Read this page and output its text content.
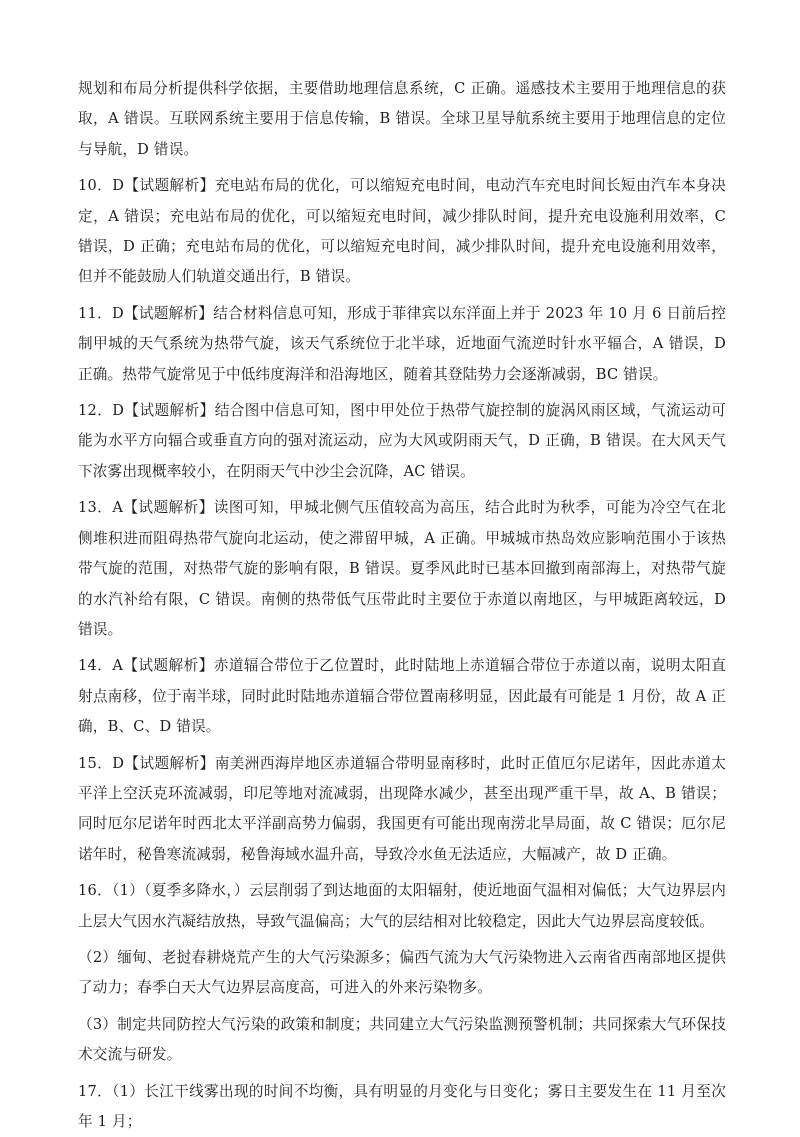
规划和布局分析提供科学依据，主要借助地理信息系统，C 正确。遥感技术主要用于地理信息的获取，A 错误。互联网系统主要用于信息传输，B 错误。全球卫星导航系统主要用于地理信息的定位与导航，D 错误。

10．D【试题解析】充电站布局的优化，可以缩短充电时间，电动汽车充电时间长短由汽车本身决定，A 错误；充电站布局的优化，可以缩短充电时间，减少排队时间，提升充电设施利用效率，C 错误，D 正确；充电站布局的优化，可以缩短充电时间，减少排队时间，提升充电设施利用效率，但并不能鼓励人们轨道交通出行，B 错误。

11．D【试题解析】结合材料信息可知，形成于菲律宾以东洋面上并于 2023 年 10 月 6 日前后控制甲城的天气系统为热带气旋，该天气系统位于北半球，近地面气流逆时针水平辐合，A 错误，D 正确。热带气旋常见于中低纬度海洋和沿海地区，随着其登陆势力会逐渐减弱，BC 错误。

12．D【试题解析】结合图中信息可知，图中甲处位于热带气旋控制的旋涡风雨区域，气流运动可能为水平方向辐合或垂直方向的强对流运动，应为大风或阴雨天气，D 正确，B 错误。在大风天气下浓雾出现概率较小，在阴雨天气中沙尘会沉降，AC 错误。

13．A【试题解析】读图可知，甲城北侧气压值较高为高压，结合此时为秋季，可能为冷空气在北侧堆积进而阻碍热带气旋向北运动，使之滞留甲城，A 正确。甲城城市热岛效应影响范围小于该热带气旋的范围，对热带气旋的影响有限，B 错误。夏季风此时已基本回撤到南部海上，对热带气旋的水汽补给有限，C 错误。南侧的热带低气压带此时主要位于赤道以南地区，与甲城距离较远，D 错误。

14．A【试题解析】赤道辐合带位于乙位置时，此时陆地上赤道辐合带位于赤道以南，说明太阳直射点南移，位于南半球，同时此时陆地赤道辐合带位置南移明显，因此最有可能是 1 月份，故 A 正确，B、C、D 错误。

15．D【试题解析】南美洲西海岸地区赤道辐合带明显南移时，此时正值厄尔尼诺年，因此赤道太平洋上空沃克环流减弱，印尼等地对流减弱，出现降水减少，甚至出现严重干旱，故 A、B 错误；同时厄尔尼诺年时西北太平洋副高势力偏弱，我国更有可能出现南涝北旱局面，故 C 错误；厄尔尼诺年时，秘鲁寒流减弱，秘鲁海域水温升高，导致冷水鱼无法适应，大幅减产，故 D 正确。

16．（1）（夏季多降水，）云层削弱了到达地面的太阳辐射，使近地面气温相对偏低；大气边界层内上层大气因水汽凝结放热，导致气温偏高；大气的层结相对比较稳定，因此大气边界层高度较低。

（2）缅甸、老挝春耕烧荒产生的大气污染源多；偏西气流为大气污染物进入云南省西南部地区提供了动力；春季白天大气边界层高度高，可进入的外来污染物多。

（3）制定共同防控大气污染的政策和制度；共同建立大气污染监测预警机制；共同探索大气环保技术交流与研发。

17．（1）长江干线雾出现的时间不均衡，具有明显的月变化与日变化；雾日主要发生在 11 月至次年 1 月；
